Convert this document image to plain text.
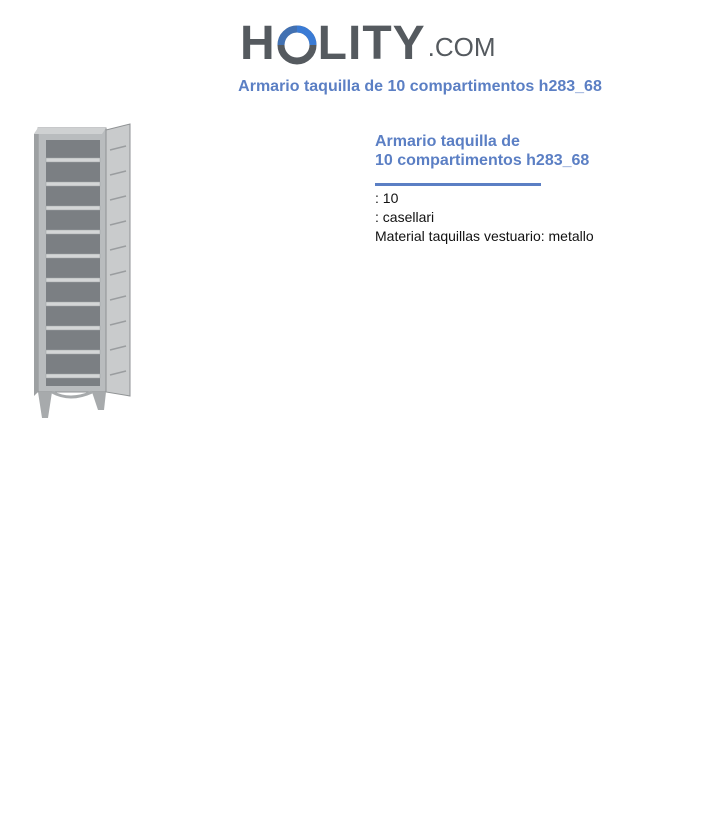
H LITY .COM
Armario taquilla de 10 compartimentos h283_68
Armario taquilla de
10 compartimentos h283_68
: 10
: casellari
Material taquillas vestuario: metallo
